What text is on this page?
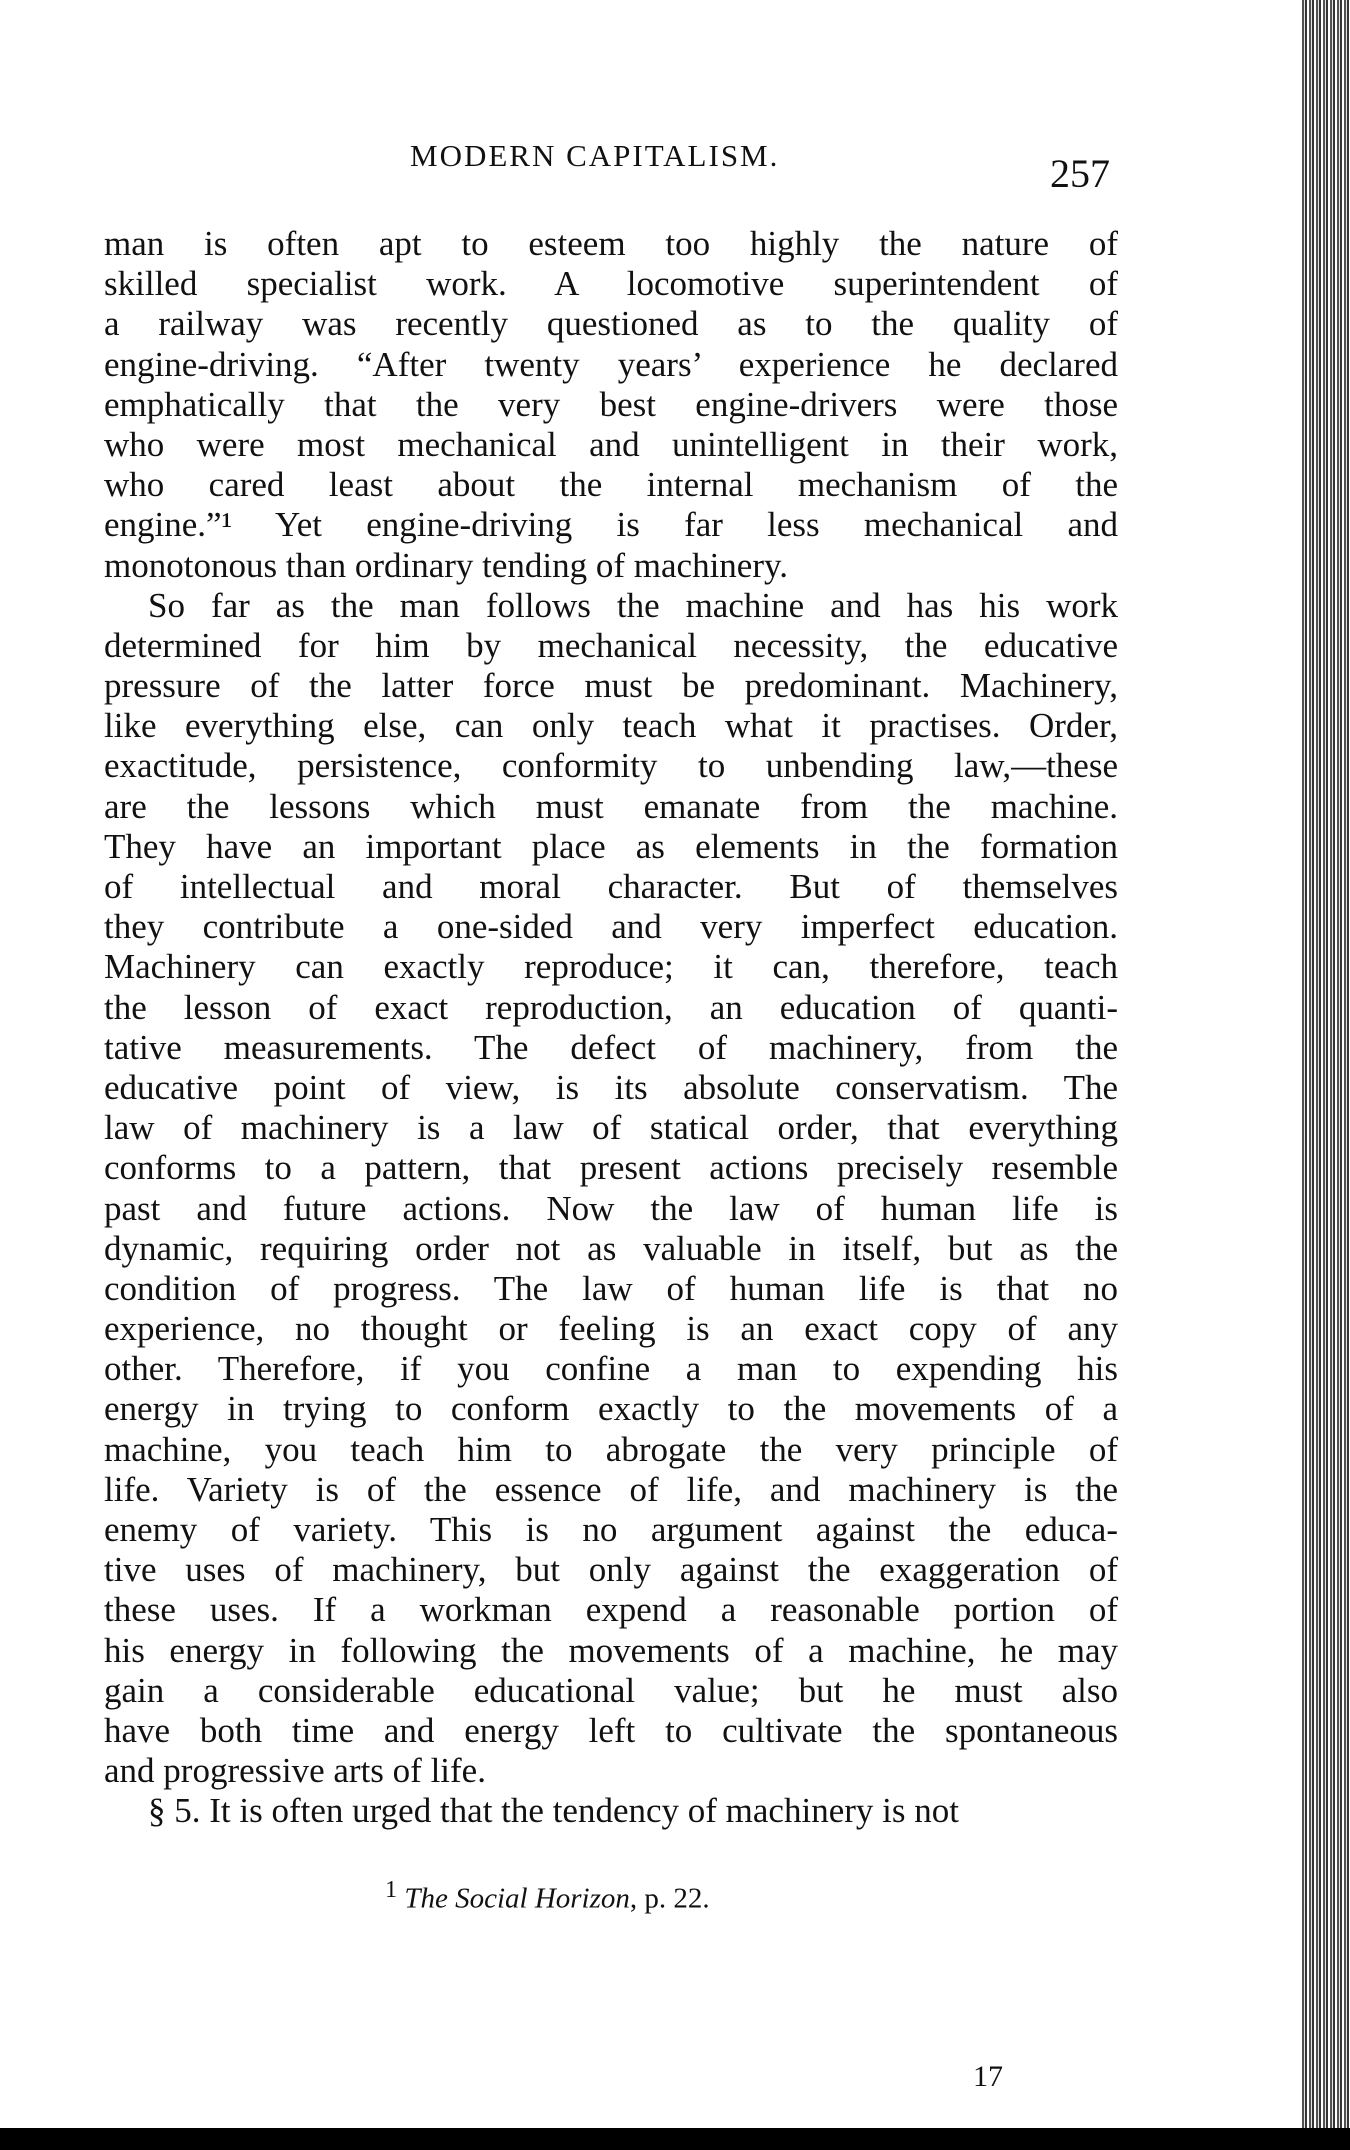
MODERN CAPITALISM.	257
man is often apt to esteem too highly the nature of
skilled specialist work. A locomotive superintendent of
a railway was recently questioned as to the quality of
engine-driving. “After twenty years’ experience he declared
emphatically that the very best engine-drivers were those
who were most mechanical and unintelligent in their work,
who cared least about the internal mechanism of the
engine.”¹ Yet engine-driving is far less mechanical and
monotonous than ordinary tending of machinery.
So far as the man follows the machine and has his work
determined for him by mechanical necessity, the educative
pressure of the latter force must be predominant. Machinery,
like everything else, can only teach what it practises. Order,
exactitude, persistence, conformity to unbending law,—these
are the lessons which must emanate from the machine.
They have an important place as elements in the formation
of intellectual and moral character. But of themselves
they contribute a one-sided and very imperfect education.
Machinery can exactly reproduce; it can, therefore, teach
the lesson of exact reproduction, an education of quanti-
tative measurements. The defect of machinery, from the
educative point of view, is its absolute conservatism. The
law of machinery is a law of statical order, that everything
conforms to a pattern, that present actions precisely resemble
past and future actions. Now the law of human life is
dynamic, requiring order not as valuable in itself, but as the
condition of progress. The law of human life is that no
experience, no thought or feeling is an exact copy of any
other. Therefore, if you confine a man to expending his
energy in trying to conform exactly to the movements of a
machine, you teach him to abrogate the very principle of
life. Variety is of the essence of life, and machinery is the
enemy of variety. This is no argument against the educa-
tive uses of machinery, but only against the exaggeration of
these uses. If a workman expend a reasonable portion of
his energy in following the movements of a machine, he may
gain a considerable educational value; but he must also
have both time and energy left to cultivate the spontaneous
and progressive arts of life.
§ 5. It is often urged that the tendency of machinery is not
$^1$ The Social Horizon, p. 22.
17
